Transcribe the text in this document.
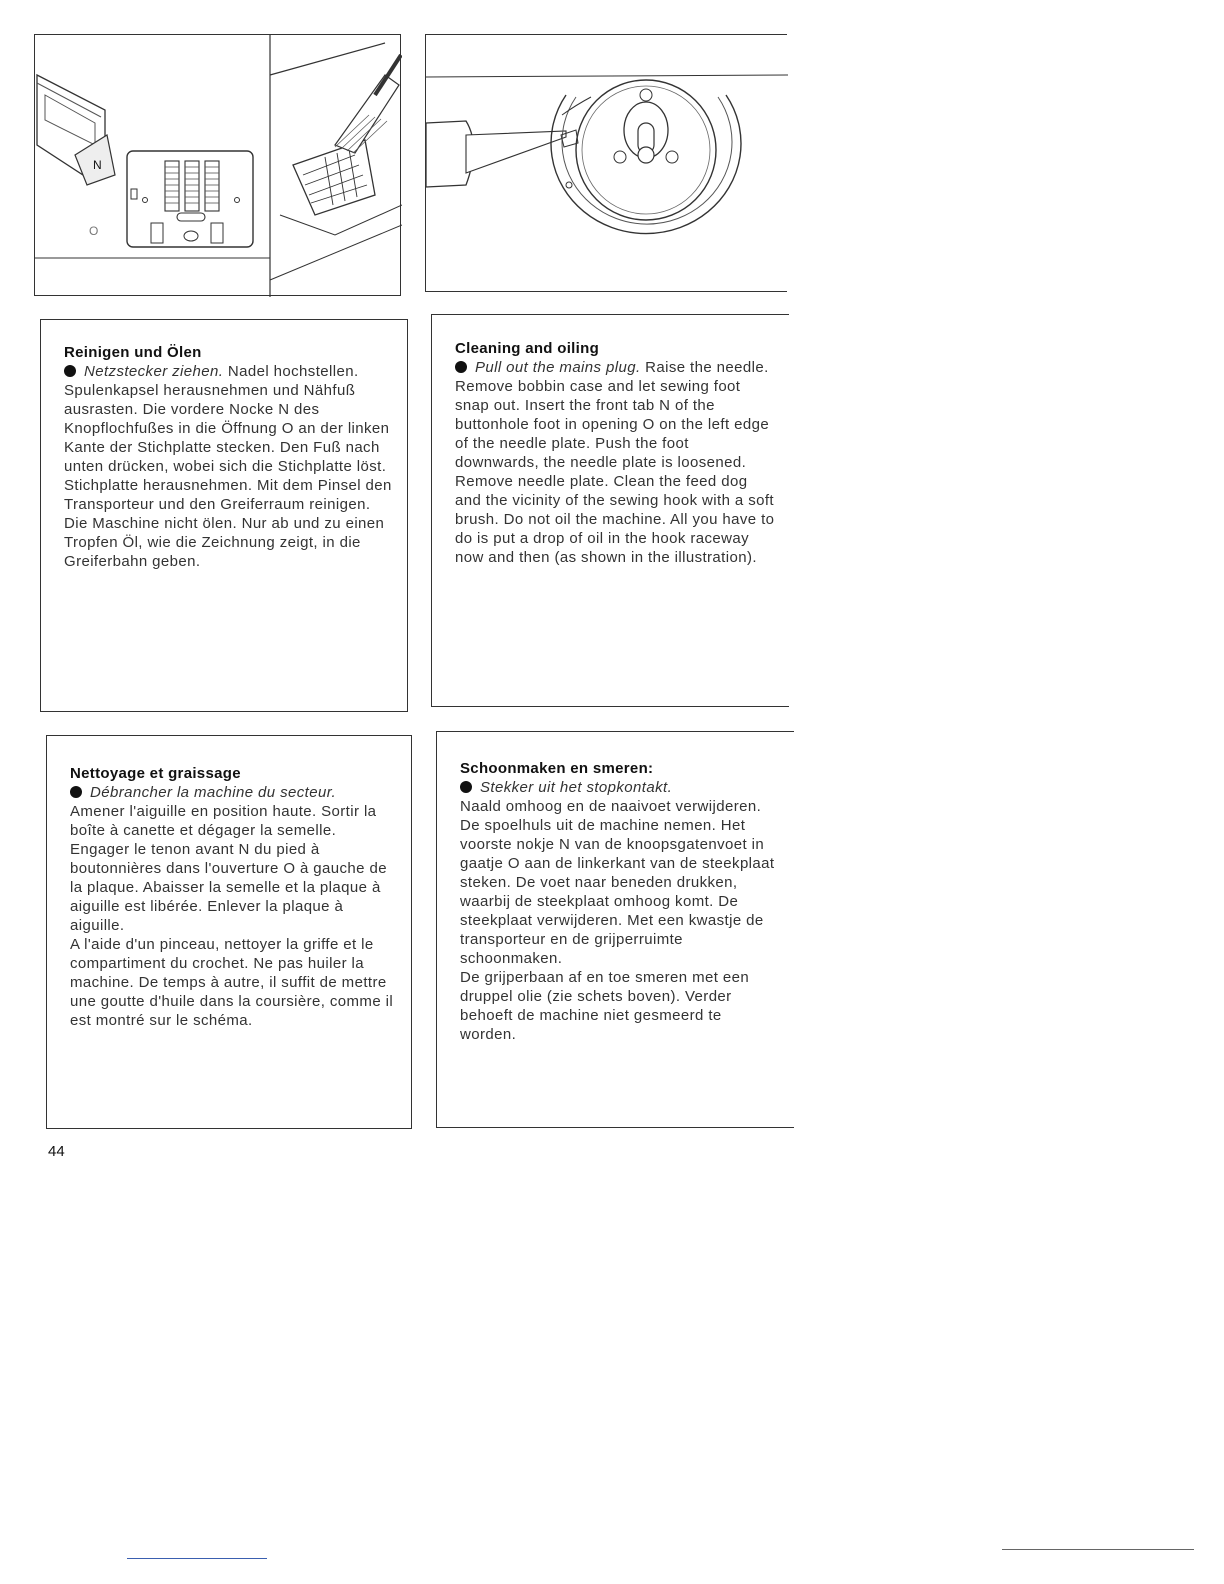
N
O
Reinigen und Ölen
Netzstecker ziehen. Nadel hochstellen. Spulenkapsel herausnehmen und Nähfuß ausrasten. Die vordere Nocke N des Knopflochfußes in die Öffnung O an der linken Kante der Stichplatte stecken. Den Fuß nach unten drücken, wobei sich die Stichplatte löst. Stichplatte herausnehmen. Mit dem Pinsel den Transporteur und den Greiferraum reinigen. Die Maschine nicht ölen. Nur ab und zu einen Tropfen Öl, wie die Zeichnung zeigt, in die Greiferbahn geben.
Cleaning and oiling
Pull out the mains plug. Raise the needle. Remove bobbin case and let sewing foot snap out. Insert the front tab N of the buttonhole foot in opening O on the left edge of the needle plate. Push the foot downwards, the needle plate is loosened. Remove needle plate. Clean the feed dog and the vicinity of the sewing hook with a soft brush. Do not oil the machine. All you have to do is put a drop of oil in the hook raceway now and then (as shown in the illustration).
Nettoyage et graissage
Débrancher la machine du secteur.
Amener l'aiguille en position haute. Sortir la boîte à canette et dégager la semelle. Engager le tenon avant N du pied à boutonnières dans l'ouverture O à gauche de la plaque. Abaisser la semelle et la plaque à aiguille est libérée. Enlever la plaque à aiguille.
A l'aide d'un pinceau, nettoyer la griffe et le compartiment du crochet. Ne pas huiler la machine. De temps à autre, il suffit de mettre une goutte d'huile dans la coursière, comme il est montré sur le schéma.
Schoonmaken en smeren:
Stekker uit het stopkontakt.
Naald omhoog en de naaivoet verwijderen. De spoelhuls uit de machine nemen. Het voorste nokje N van de knoopsgatenvoet in gaatje O aan de linkerkant van de steekplaat steken. De voet naar beneden drukken, waarbij de steekplaat omhoog komt. De steekplaat verwijderen. Met een kwastje de transporteur en de grijperruimte schoonmaken.
De grijperbaan af en toe smeren met een druppel olie (zie schets boven). Verder behoeft de machine niet gesmeerd te worden.
44
